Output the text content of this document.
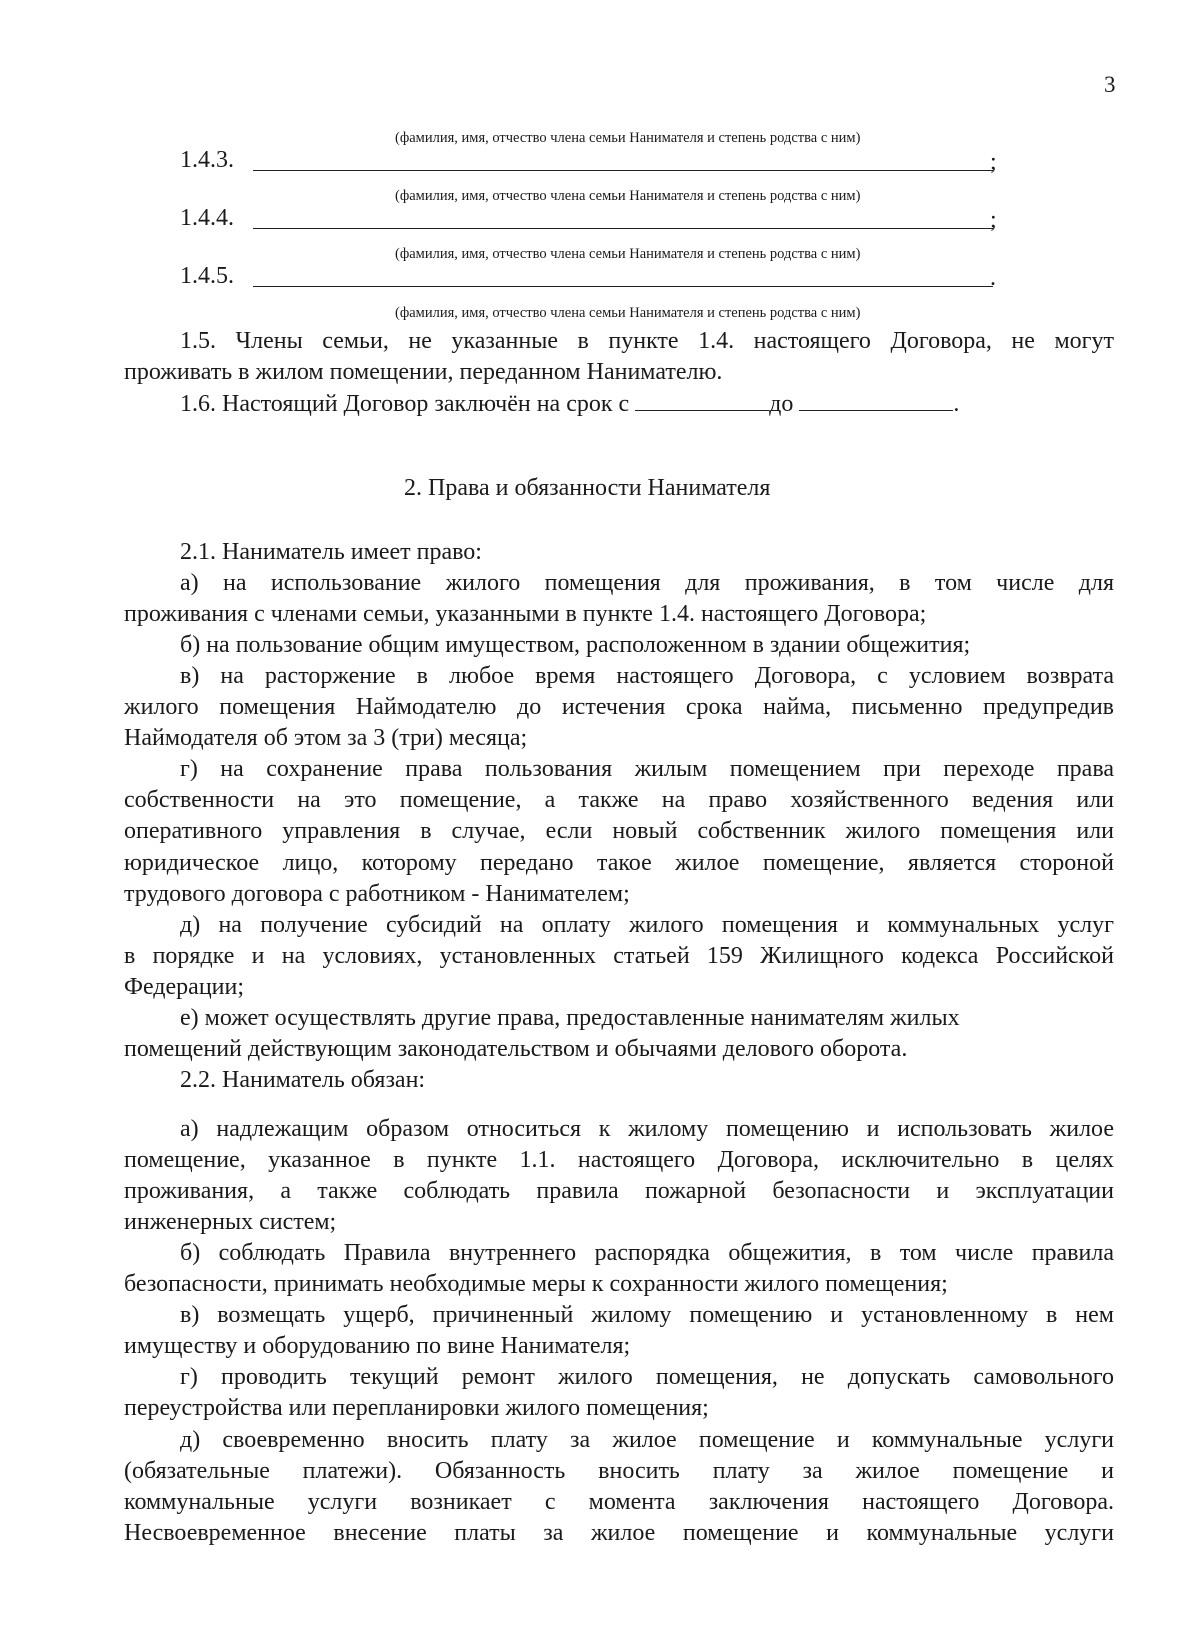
3
(фамилия, имя, отчество члена семьи Нанимателя и степень родства с ним)
1.4.3.	;
(фамилия, имя, отчество члена семьи Нанимателя и степень родства с ним)
1.4.4.	;
(фамилия, имя, отчество члена семьи Нанимателя и степень родства с ним)
1.4.5.	.
(фамилия, имя, отчество члена семьи Нанимателя и степень родства с ним)
1.5. Члены семьи, не указанные в пункте 1.4. настоящего Договора, не могут
проживать в жилом помещении, переданном Нанимателю.
1.6. Настоящий Договор заключён на срок с	до	.
2. Права и обязанности Нанимателя
2.1. Наниматель имеет право:
а) на использование жилого помещения для проживания, в том числе для
проживания с членами семьи, указанными в пункте 1.4. настоящего Договора;
б) на пользование общим имуществом, расположенном в здании общежития;
в) на расторжение в любое время настоящего Договора, с условием возврата
жилого помещения Наймодателю до истечения срока найма, письменно предупредив
Наймодателя об этом за 3 (три) месяца;
г) на сохранение права пользования жилым помещением при переходе права
собственности на это помещение, а также на право хозяйственного ведения или
оперативного управления в случае, если новый собственник жилого помещения или
юридическое лицо, которому передано такое жилое помещение, является стороной
трудового договора с работником - Нанимателем;
д) на получение субсидий на оплату жилого помещения и коммунальных услуг
в порядке и на условиях, установленных статьей 159 Жилищного кодекса Российской
Федерации;
е) может осуществлять другие права, предоставленные нанимателям жилых
помещений действующим законодательством и обычаями делового оборота.
2.2. Наниматель обязан:
а) надлежащим образом относиться к жилому помещению и использовать жилое
помещение, указанное в пункте 1.1. настоящего Договора, исключительно в целях
проживания, а также соблюдать правила пожарной безопасности и эксплуатации
инженерных систем;
б) соблюдать Правила внутреннего распорядка общежития, в том числе правила
безопасности, принимать необходимые меры к сохранности жилого помещения;
в) возмещать ущерб, причиненный жилому помещению и установленному в нем
имуществу и оборудованию по вине Нанимателя;
г) проводить текущий ремонт жилого помещения, не допускать самовольного
переустройства или перепланировки жилого помещения;
д) своевременно вносить плату за жилое помещение и коммунальные услуги
(обязательные платежи). Обязанность вносить плату за жилое помещение и
коммунальные услуги возникает с момента заключения настоящего Договора.
Несвоевременное внесение платы за жилое помещение и коммунальные услуги
